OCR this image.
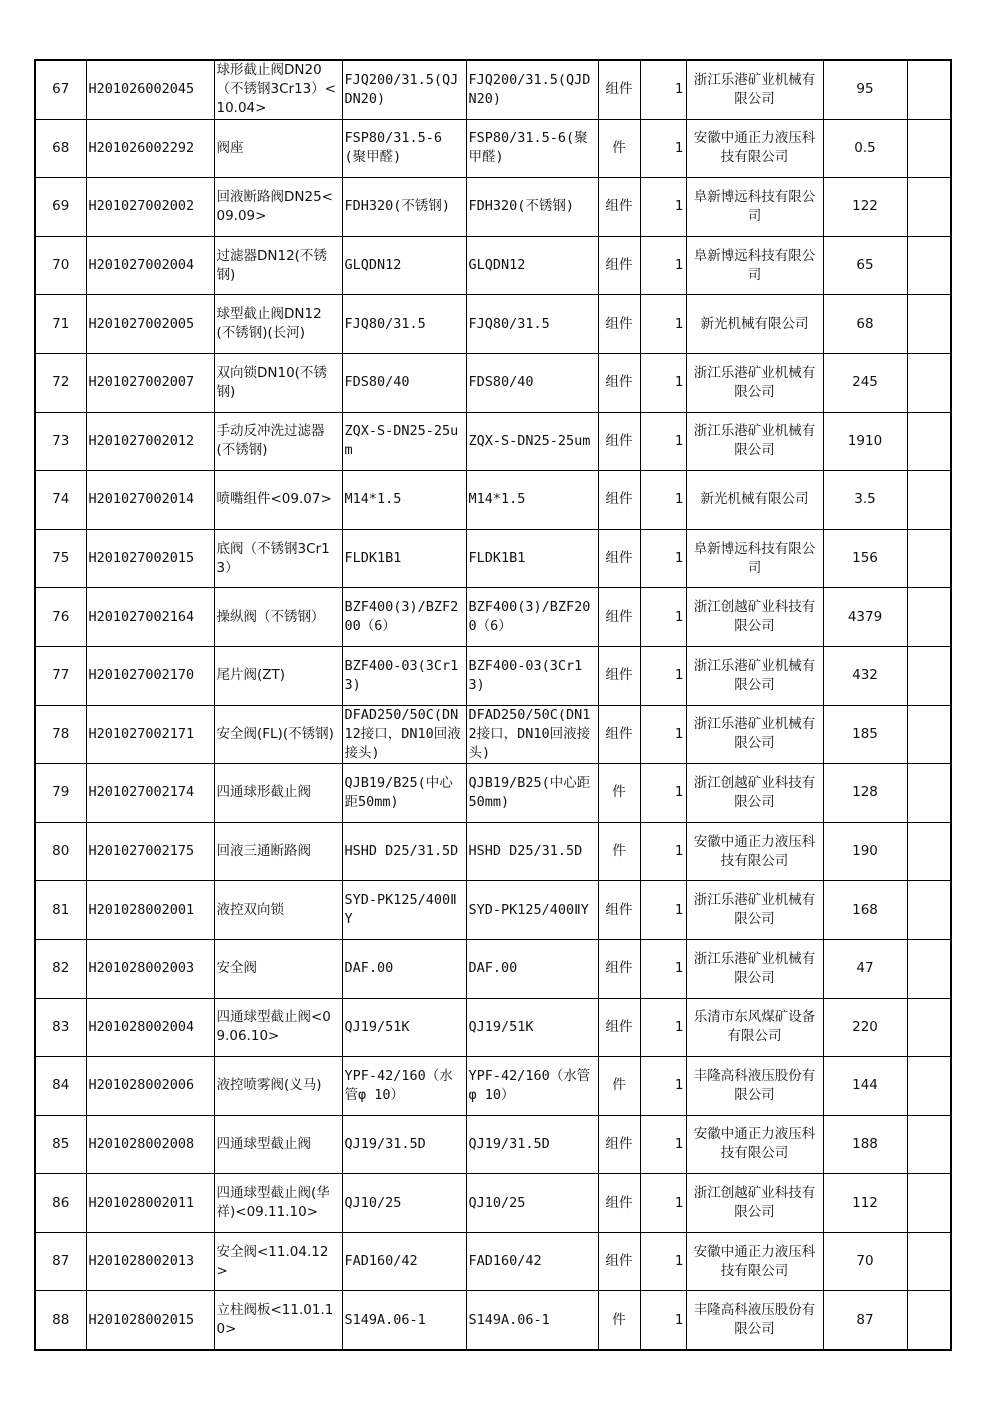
67	H201026002045	球形截止阀DN20（不锈钢3Cr13）<10.04>	FJQ200/31.5(QJDN20)	FJQ200/31.5(QJDN20)	组件	1	浙江乐港矿业机械有限公司	95	
68	H201026002292	阀座	FSP80/31.5-6(聚甲醛)	FSP80/31.5-6(聚甲醛)	件	1	安徽中通正力液压科技有限公司	0.5	
69	H201027002002	回液断路阀DN25<09.09>	FDH320(不锈钢)	FDH320(不锈钢)	组件	1	阜新博远科技有限公司	122	
70	H201027002004	过滤器DN12(不锈钢)	GLQDN12	GLQDN12	组件	1	阜新博远科技有限公司	65	
71	H201027002005	球型截止阀DN12(不锈钢)(长河)	FJQ80/31.5	FJQ80/31.5	组件	1	新光机械有限公司	68	
72	H201027002007	双向锁DN10(不锈钢)	FDS80/40	FDS80/40	组件	1	浙江乐港矿业机械有限公司	245	
73	H201027002012	手动反冲洗过滤器(不锈钢)	ZQX-S-DN25-25um	ZQX-S-DN25-25um	组件	1	浙江乐港矿业机械有限公司	1910	
74	H201027002014	喷嘴组件<09.07>	M14*1.5	M14*1.5	组件	1	新光机械有限公司	3.5	
75	H201027002015	底阀（不锈钢3Cr13）	FLDK1B1	FLDK1B1	组件	1	阜新博远科技有限公司	156	
76	H201027002164	操纵阀（不锈钢）	BZF400(3)/BZF200（6）	BZF400(3)/BZF200（6）	组件	1	浙江创越矿业科技有限公司	4379	
77	H201027002170	尾片阀(ZT)	BZF400-03(3Cr13)	BZF400-03(3Cr13)	组件	1	浙江乐港矿业机械有限公司	432	
78	H201027002171	安全阀(FL)(不锈钢)	DFAD250/50C(DN12接口，DN10回液接头)	DFAD250/50C(DN12接口，DN10回液接头)	组件	1	浙江乐港矿业机械有限公司	185	
79	H201027002174	四通球形截止阀	QJB19/B25(中心距50mm)	QJB19/B25(中心距50mm)	件	1	浙江创越矿业科技有限公司	128	
80	H201027002175	回液三通断路阀	HSHD D25/31.5D	HSHD D25/31.5D	件	1	安徽中通正力液压科技有限公司	190	
81	H201028002001	液控双向锁	SYD-PK125/400ⅡY	SYD-PK125/400ⅡY	组件	1	浙江乐港矿业机械有限公司	168	
82	H201028002003	安全阀	DAF.00	DAF.00	组件	1	浙江乐港矿业机械有限公司	47	
83	H201028002004	四通球型截止阀<09.06.10>	QJ19/51K	QJ19/51K	组件	1	乐清市东风煤矿设备有限公司	220	
84	H201028002006	液控喷雾阀(义马)	YPF-42/160（水管φ 10）	YPF-42/160（水管φ 10）	件	1	丰隆高科液压股份有限公司	144	
85	H201028002008	四通球型截止阀	QJ19/31.5D	QJ19/31.5D	组件	1	安徽中通正力液压科技有限公司	188	
86	H201028002011	四通球型截止阀(华祥)<09.11.10>	QJ10/25	QJ10/25	组件	1	浙江创越矿业科技有限公司	112	
87	H201028002013	安全阀<11.04.12>	FAD160/42	FAD160/42	组件	1	安徽中通正力液压科技有限公司	70	
88	H201028002015	立柱阀板<11.01.10>	S149A.06-1	S149A.06-1	件	1	丰隆高科液压股份有限公司	87	
